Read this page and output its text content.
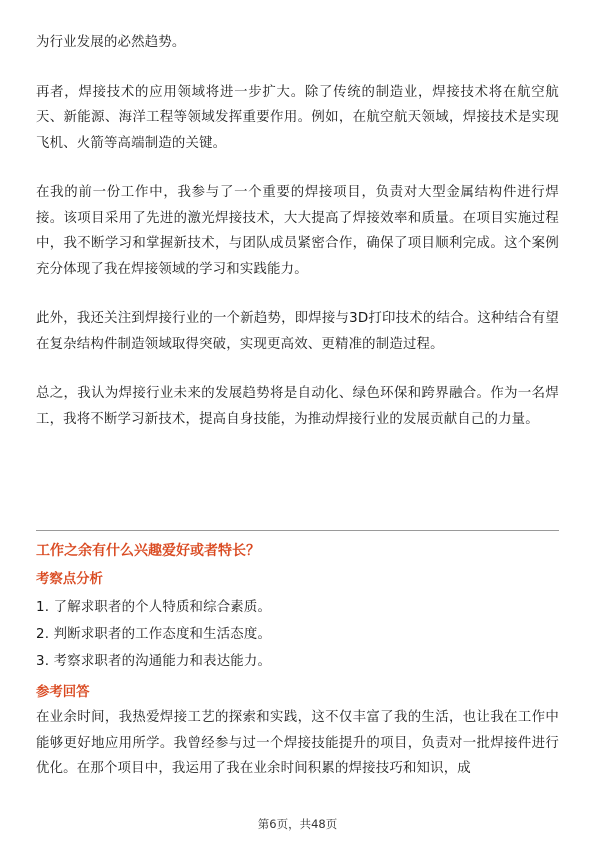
为行业发展的必然趋势。

再者，焊接技术的应用领域将进一步扩大。除了传统的制造业，焊接技术将在航空航天、新能源、海洋工程等领域发挥重要作用。例如，在航空航天领域，焊接技术是实现飞机、火箭等高端制造的关键。

在我的前一份工作中，我参与了一个重要的焊接项目，负责对大型金属结构件进行焊接。该项目采用了先进的激光焊接技术，大大提高了焊接效率和质量。在项目实施过程中，我不断学习和掌握新技术，与团队成员紧密合作，确保了项目顺利完成。这个案例充分体现了我在焊接领域的学习和实践能力。

此外，我还关注到焊接行业的一个新趋势，即焊接与3D打印技术的结合。这种结合有望在复杂结构件制造领域取得突破，实现更高效、更精准的制造过程。

总之，我认为焊接行业未来的发展趋势将是自动化、绿色环保和跨界融合。作为一名焊工，我将不断学习新技术，提高自身技能，为推动焊接行业的发展贡献自己的力量。

工作之余有什么兴趣爱好或者特长？

考察点分析

1. 了解求职者的个人特质和综合素质。

2. 判断求职者的工作态度和生活态度。

3. 考察求职者的沟通能力和表达能力。

参考回答

在业余时间，我热爱焊接工艺的探索和实践，这不仅丰富了我的生活，也让我在工作中能够更好地应用所学。我曾经参与过一个焊接技能提升的项目，负责对一批焊接件进行优化。在那个项目中，我运用了我在业余时间积累的焊接技巧和知识，成

第6页，共48页
